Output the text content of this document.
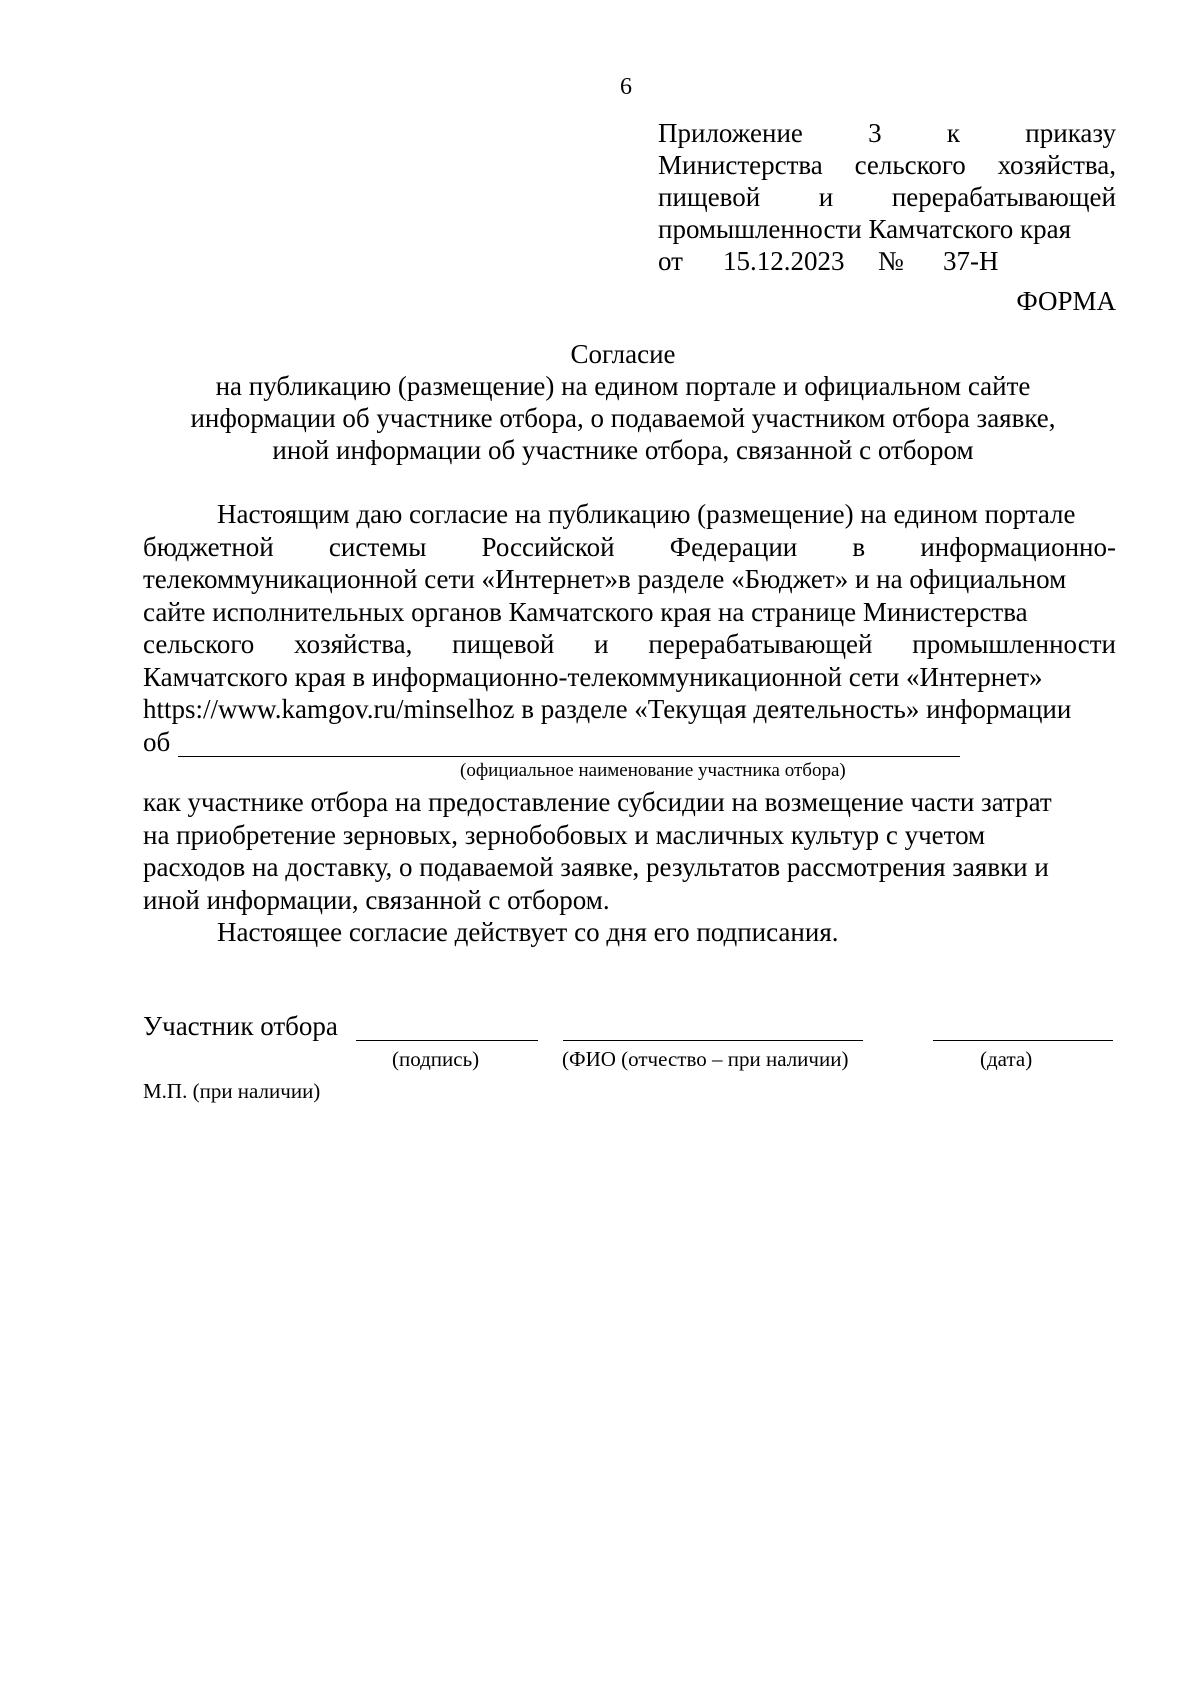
6
Приложение 3 к приказу
Министерства сельского хозяйства,
пищевой и перерабатывающей
промышленности Камчатского края
от 15.12.2023 № 37-Н
ФОРМА
Согласие
на публикацию (размещение) на едином портале и официальном сайте
информации об участнике отбора, о подаваемой участником отбора заявке,
иной информации об участнике отбора, связанной с отбором
Настоящим даю согласие на публикацию (размещение) на едином портале
бюджетной системы Российской Федерации в информационно-
телекоммуникационной сети «Интернет»в разделе «Бюджет» и на официальном
сайте исполнительных органов Камчатского края на странице Министерства
сельского хозяйства, пищевой и перерабатывающей промышленности
Камчатского края в информационно-телекоммуникационной сети «Интернет»
https://www.kamgov.ru/minselhoz в разделе «Текущая деятельность» информации
об
(официальное наименование участника отбора)
как участнике отбора на предоставление субсидии на возмещение части затрат
на приобретение зерновых, зернобобовых и масличных культур с учетом
расходов на доставку, о подаваемой заявке, результатов рассмотрения заявки и
иной информации, связанной с отбором.
Настоящее согласие действует со дня его подписания.
Участник отбора
(подпись)	(ФИО (отчество – при наличии)	(дата)
М.П. (при наличии)
